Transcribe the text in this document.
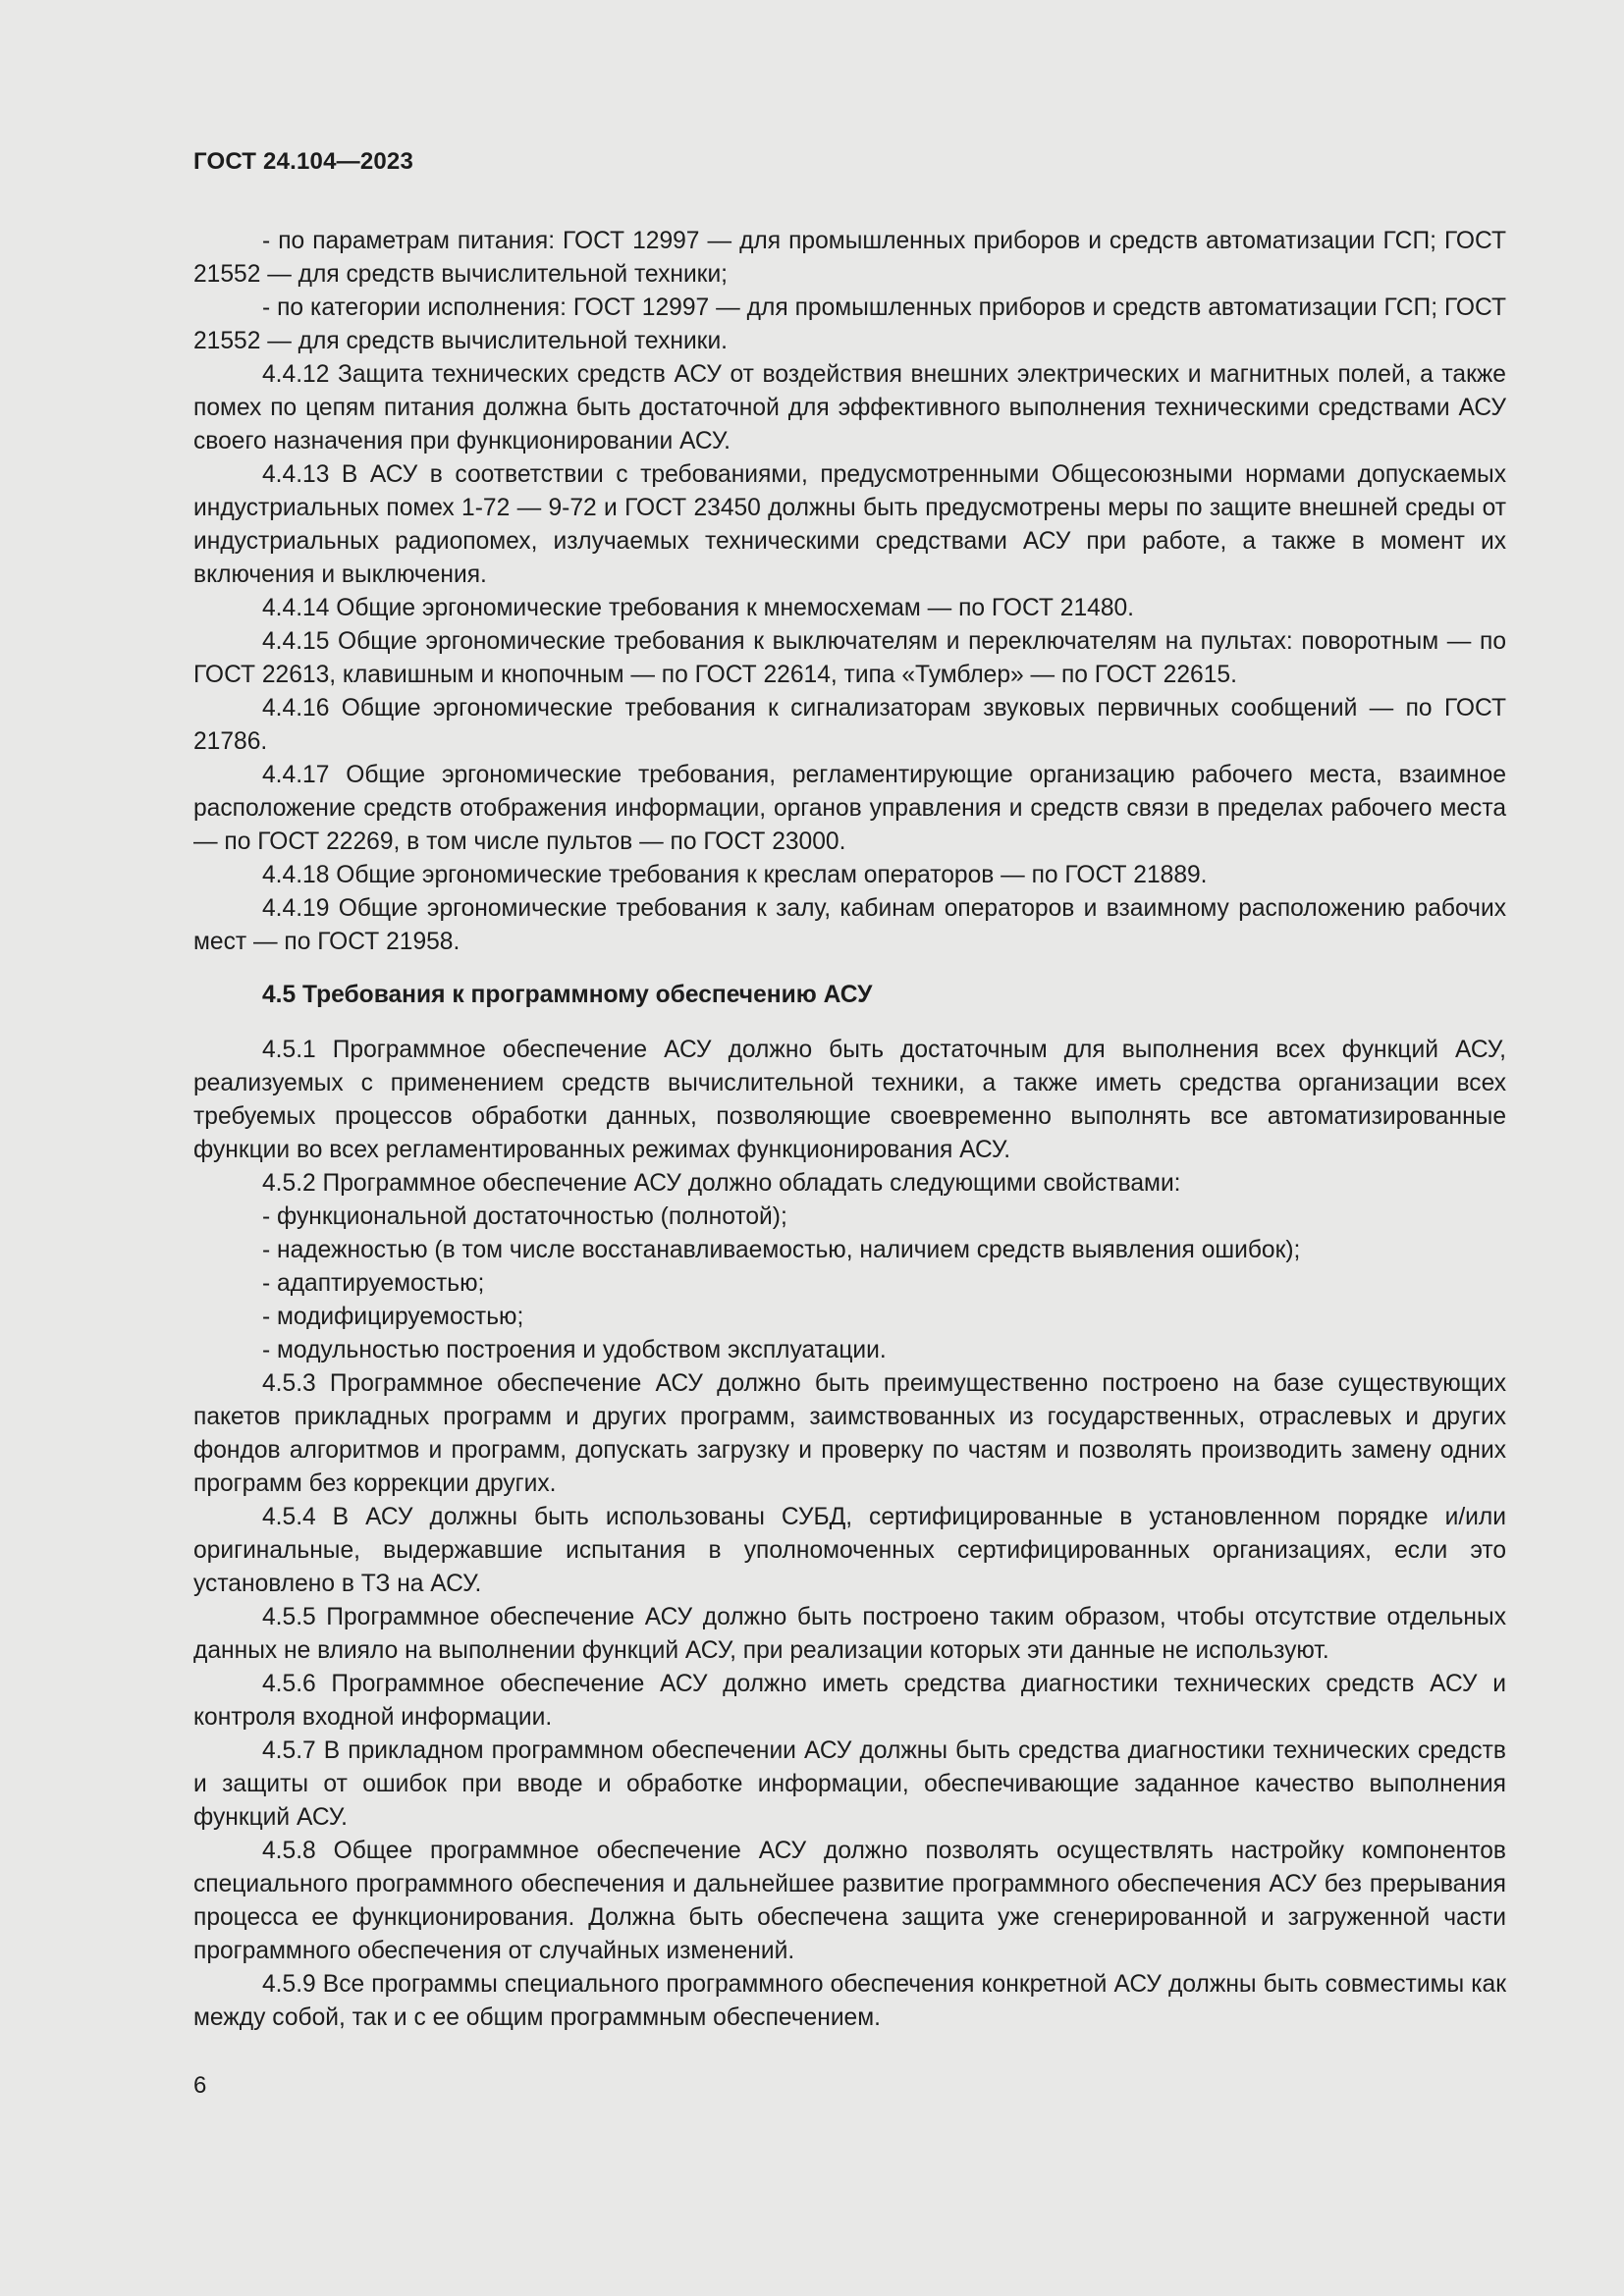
ГОСТ 24.104—2023

- по параметрам питания: ГОСТ 12997 — для промышленных приборов и средств автоматизации ГСП; ГОСТ 21552 — для средств вычислительной техники;

- по категории исполнения: ГОСТ 12997 — для промышленных приборов и средств автоматизации ГСП; ГОСТ 21552 — для средств вычислительной техники.

4.4.12 Защита технических средств АСУ от воздействия внешних электрических и магнитных полей, а также помех по цепям питания должна быть достаточной для эффективного выполнения техническими средствами АСУ своего назначения при функционировании АСУ.

4.4.13 В АСУ в соответствии с требованиями, предусмотренными Общесоюзными нормами допускаемых индустриальных помех 1-72 — 9-72 и ГОСТ 23450 должны быть предусмотрены меры по защите внешней среды от индустриальных радиопомех, излучаемых техническими средствами АСУ при работе, а также в момент их включения и выключения.

4.4.14 Общие эргономические требования к мнемосхемам — по ГОСТ 21480.

4.4.15 Общие эргономические требования к выключателям и переключателям на пультах: поворотным — по ГОСТ 22613, клавишным и кнопочным — по ГОСТ 22614, типа «Тумблер» — по ГОСТ 22615.

4.4.16 Общие эргономические требования к сигнализаторам звуковых первичных сообщений — по ГОСТ 21786.

4.4.17 Общие эргономические требования, регламентирующие организацию рабочего места, взаимное расположение средств отображения информации, органов управления и средств связи в пределах рабочего места — по ГОСТ 22269, в том числе пультов — по ГОСТ 23000.

4.4.18 Общие эргономические требования к креслам операторов — по ГОСТ 21889.

4.4.19 Общие эргономические требования к залу, кабинам операторов и взаимному расположению рабочих мест — по ГОСТ 21958.

4.5 Требования к программному обеспечению АСУ

4.5.1 Программное обеспечение АСУ должно быть достаточным для выполнения всех функций АСУ, реализуемых с применением средств вычислительной техники, а также иметь средства организации всех требуемых процессов обработки данных, позволяющие своевременно выполнять все автоматизированные функции во всех регламентированных режимах функционирования АСУ.

4.5.2 Программное обеспечение АСУ должно обладать следующими свойствами:

- функциональной достаточностью (полнотой);

- надежностью (в том числе восстанавливаемостью, наличием средств выявления ошибок);

- адаптируемостью;

- модифицируемостью;

- модульностью построения и удобством эксплуатации.

4.5.3 Программное обеспечение АСУ должно быть преимущественно построено на базе существующих пакетов прикладных программ и других программ, заимствованных из государственных, отраслевых и других фондов алгоритмов и программ, допускать загрузку и проверку по частям и позволять производить замену одних программ без коррекции других.

4.5.4 В АСУ должны быть использованы СУБД, сертифицированные в установленном порядке и/или оригинальные, выдержавшие испытания в уполномоченных сертифицированных организациях, если это установлено в ТЗ на АСУ.

4.5.5 Программное обеспечение АСУ должно быть построено таким образом, чтобы отсутствие отдельных данных не влияло на выполнении функций АСУ, при реализации которых эти данные не используют.

4.5.6 Программное обеспечение АСУ должно иметь средства диагностики технических средств АСУ и контроля входной информации.

4.5.7 В прикладном программном обеспечении АСУ должны быть средства диагностики технических средств и защиты от ошибок при вводе и обработке информации, обеспечивающие заданное качество выполнения функций АСУ.

4.5.8 Общее программное обеспечение АСУ должно позволять осуществлять настройку компонентов специального программного обеспечения и дальнейшее развитие программного обеспечения АСУ без прерывания процесса ее функционирования. Должна быть обеспечена защита уже сгенерированной и загруженной части программного обеспечения от случайных изменений.

4.5.9 Все программы специального программного обеспечения конкретной АСУ должны быть совместимы как между собой, так и с ее общим программным обеспечением.

6
